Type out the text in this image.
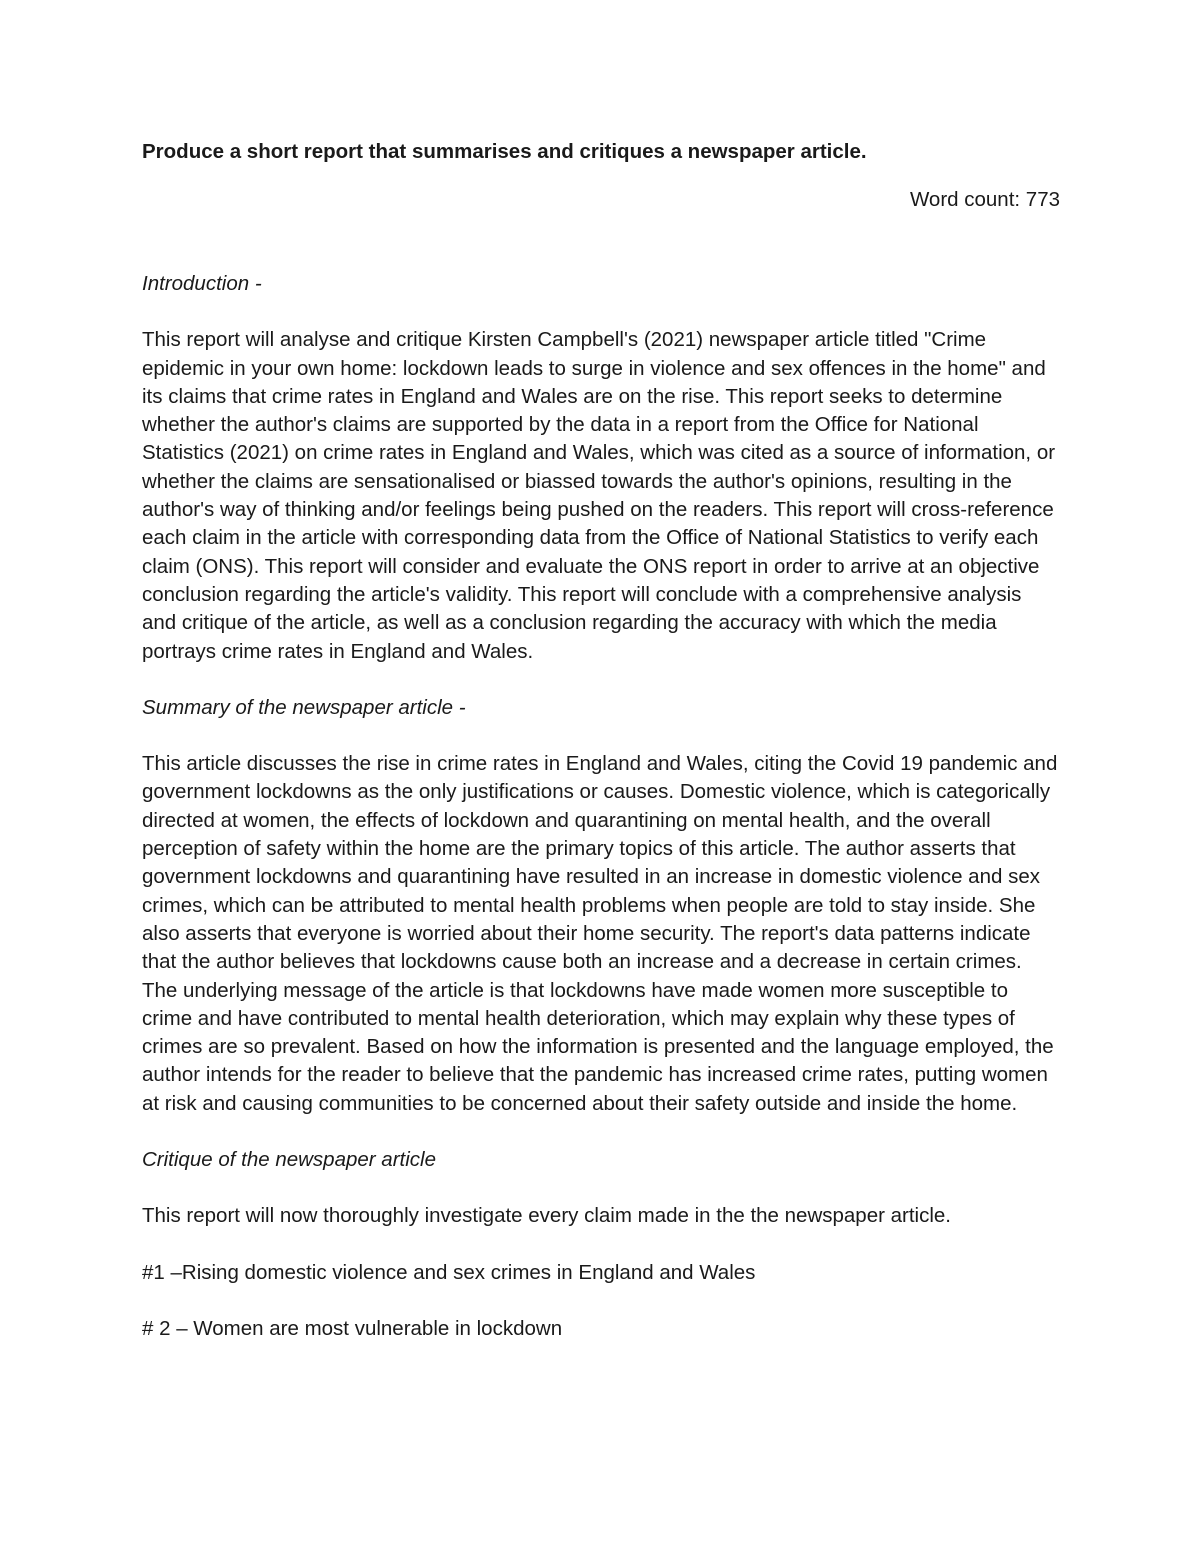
Produce a short report that summarises and critiques a newspaper article.

Word count: 773

Introduction -

This report will analyse and critique Kirsten Campbell's (2021) newspaper article titled "Crime epidemic in your own home: lockdown leads to surge in violence and sex offences in the home" and its claims that crime rates in England and Wales are on the rise. This report seeks to determine whether the author's claims are supported by the data in a report from the Office for National Statistics (2021) on crime rates in England and Wales, which was cited as a source of information, or whether the claims are sensationalised or biassed towards the author's opinions, resulting in the author's way of thinking and/or feelings being pushed on the readers. This report will cross-reference each claim in the article with corresponding data from the Office of National Statistics to verify each claim (ONS). This report will consider and evaluate the ONS report in order to arrive at an objective conclusion regarding the article's validity. This report will conclude with a comprehensive analysis and critique of the article, as well as a conclusion regarding the accuracy with which the media portrays crime rates in England and Wales.

Summary of the newspaper article -

This article discusses the rise in crime rates in England and Wales, citing the Covid 19 pandemic and government lockdowns as the only justifications or causes. Domestic violence, which is categorically directed at women, the effects of lockdown and quarantining on mental health, and the overall perception of safety within the home are the primary topics of this article. The author asserts that government lockdowns and quarantining have resulted in an increase in domestic violence and sex crimes, which can be attributed to mental health problems when people are told to stay inside. She also asserts that everyone is worried about their home security. The report's data patterns indicate that the author believes that lockdowns cause both an increase and a decrease in certain crimes. The underlying message of the article is that lockdowns have made women more susceptible to crime and have contributed to mental health deterioration, which may explain why these types of crimes are so prevalent. Based on how the information is presented and the language employed, the author intends for the reader to believe that the pandemic has increased crime rates, putting women at risk and causing communities to be concerned about their safety outside and inside the home.

Critique of the newspaper article

This report will now thoroughly investigate every claim made in the the newspaper article.

#1 –Rising domestic violence and sex crimes in England and Wales

# 2 – Women are most vulnerable in lockdown
